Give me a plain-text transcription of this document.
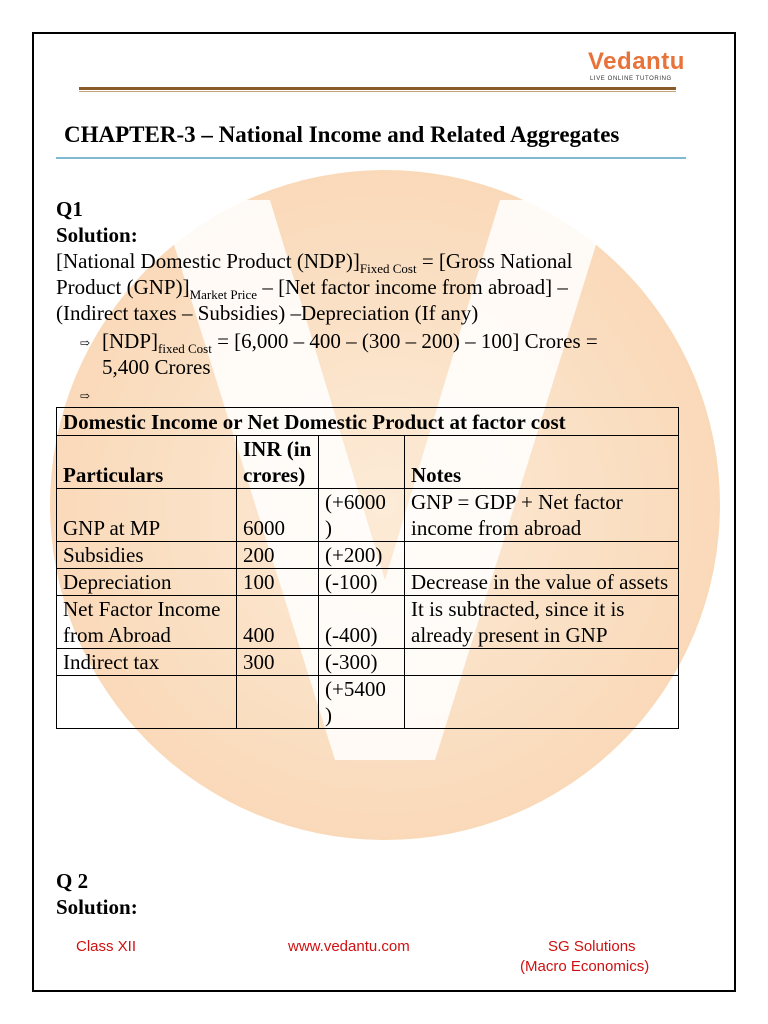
Vedantu
LIVE ONLINE TUTORING
CHAPTER-3 – National Income and Related Aggregates
Q1
Solution:
[National Domestic Product $(NDP)]_{Fixed Cost}$ = [Gross National
Product $(GNP)]_{Market Price} - [Net$ factor income from abroad] –
(Indirect taxes – Subsidies) –Depreciation (If any)
⇨ $[NDP]_{fixed Cost} = [6,000 - 400 - (300 - 200) - 100]$ Crores =
5,400 Crores
⇨
Domestic Income or Net Domestic Product at factor cost			
Particulars	INR (in crores)		Notes
GNP at MP	6000	(+6000 )	GNP = GDP + Net factor income from abroad
Subsidies	200	(+200)	
Depreciation	100	(-100)	Decrease in the value of assets
Net Factor Income from Abroad	400	(-400)	It is subtracted, since it is already present in GNP
Indirect tax	300	(-300)	
		(+5400 )	
Q 2
Solution:
Class XII	www.vedantu.com	SG Solutions
(Macro Economics)
